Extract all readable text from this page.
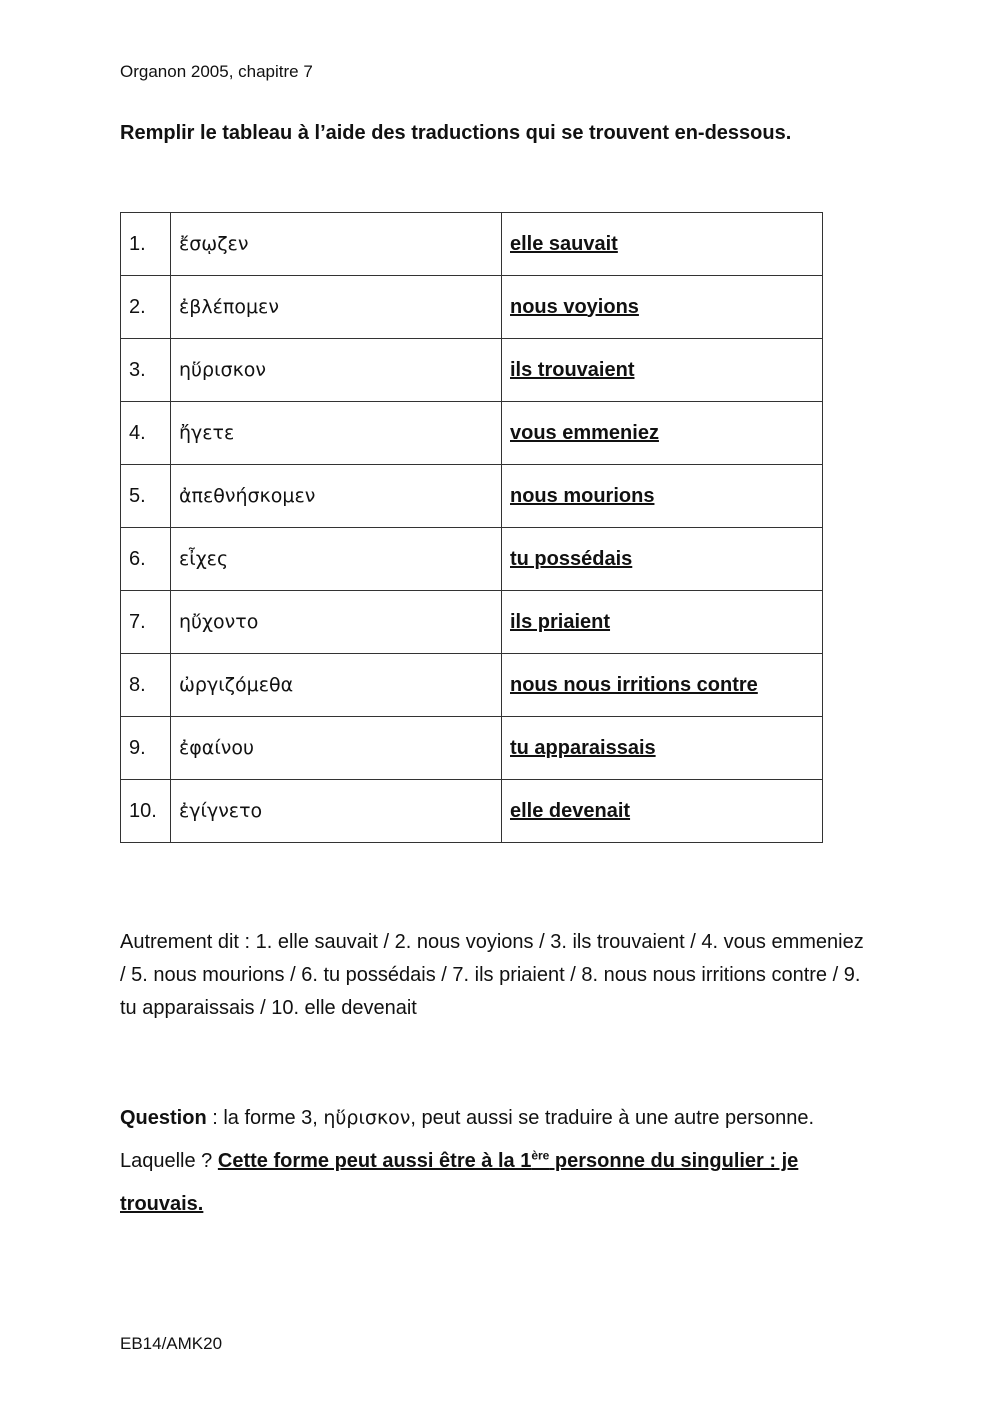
Organon 2005, chapitre 7
Remplir le tableau à l’aide des traductions qui se trouvent en-dessous.
1.	ἔσῳζεν	elle sauvait
2.	ἐβλέπομεν	nous voyions
3.	ηὕρισκον	ils trouvaient
4.	ἤγετε	vous emmeniez
5.	ἀπεθνήσκομεν	nous mourions
6.	εἶχες	tu possédais
7.	ηὔχοντο	ils priaient
8.	ὠργιζόμεθα	nous nous irritions contre
9.	ἐφαίνου	tu apparaissais
10.	ἐγίγνετο	elle devenait
Autrement dit : 1. elle sauvait / 2. nous voyions / 3. ils trouvaient / 4. vous emmeniez / 5. nous mourions / 6. tu possédais / 7. ils priaient / 8. nous nous irritions contre / 9. tu apparaissais / 10. elle devenait
Question : la forme 3, ηὕρισκον, peut aussi se traduire à une autre personne. Laquelle ? Cette forme peut aussi être à la 1ère personne du singulier : je trouvais.
EB14/AMK20
